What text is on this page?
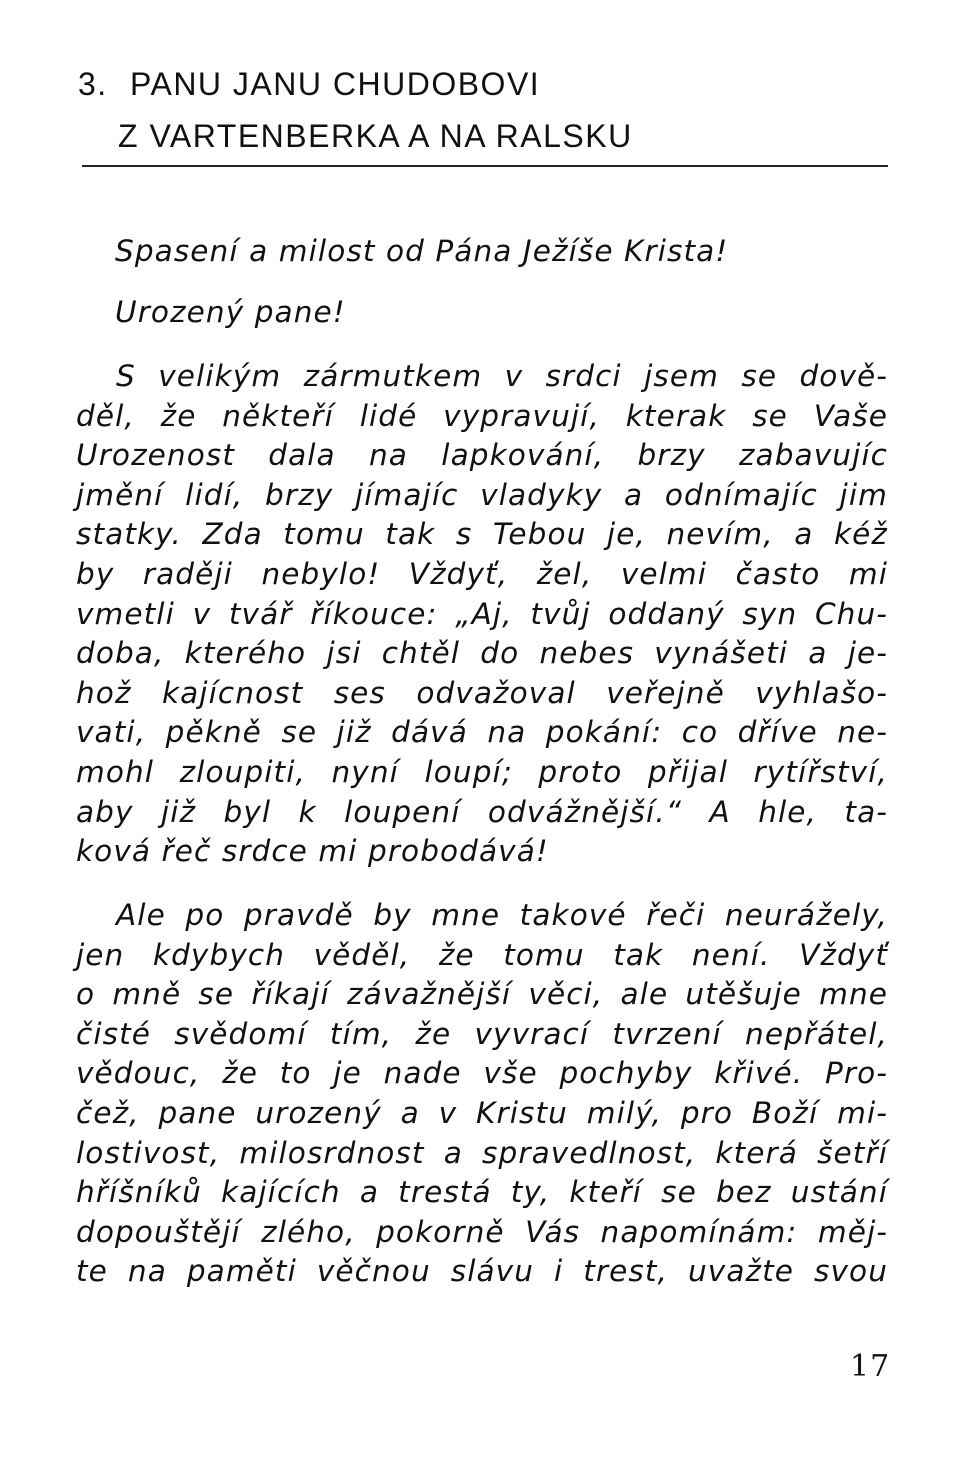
3. PANU JANU CHUDOBOVI
Z VARTENBERKA A NA RALSKU
Spasení a milost od Pána Ježíše Krista!
Urozený pane!
S velikým zármutkem v srdci jsem se dově-
děl, že někteří lidé vypravují, kterak se Vaše
Urozenost dala na lapkování, brzy zabavujíc
jmění lidí, brzy jímajíc vladyky a odnímajíc jim
statky. Zda tomu tak s Tebou je, nevím, a kéž
by raději nebylo! Vždyť, žel, velmi často mi
vmetli v tvář říkouce: „Aj, tvůj oddaný syn Chu-
doba, kterého jsi chtěl do nebes vynášeti a je-
hož kajícnost ses odvažoval veřejně vyhlašo-
vati, pěkně se již dává na pokání: co dříve ne-
mohl zloupiti, nyní loupí; proto přijal rytířství,
aby již byl k loupení odvážnější.“ A hle, ta-
ková řeč srdce mi probodává!
Ale po pravdě by mne takové řeči neurážely,
jen kdybych věděl, že tomu tak není. Vždyť
o mně se říkají závažnější věci, ale utěšuje mne
čisté svědomí tím, že vyvrací tvrzení nepřátel,
vědouc, že to je nade vše pochyby křivé. Pro-
čež, pane urozený a v Kristu milý, pro Boží mi-
lostivost, milosrdnost a spravedlnost, která šetří
hříšníků kajících a trestá ty, kteří se bez ustání
dopouštějí zlého, pokorně Vás napomínám: měj-
te na paměti věčnou slávu i trest, uvažte svou
17
